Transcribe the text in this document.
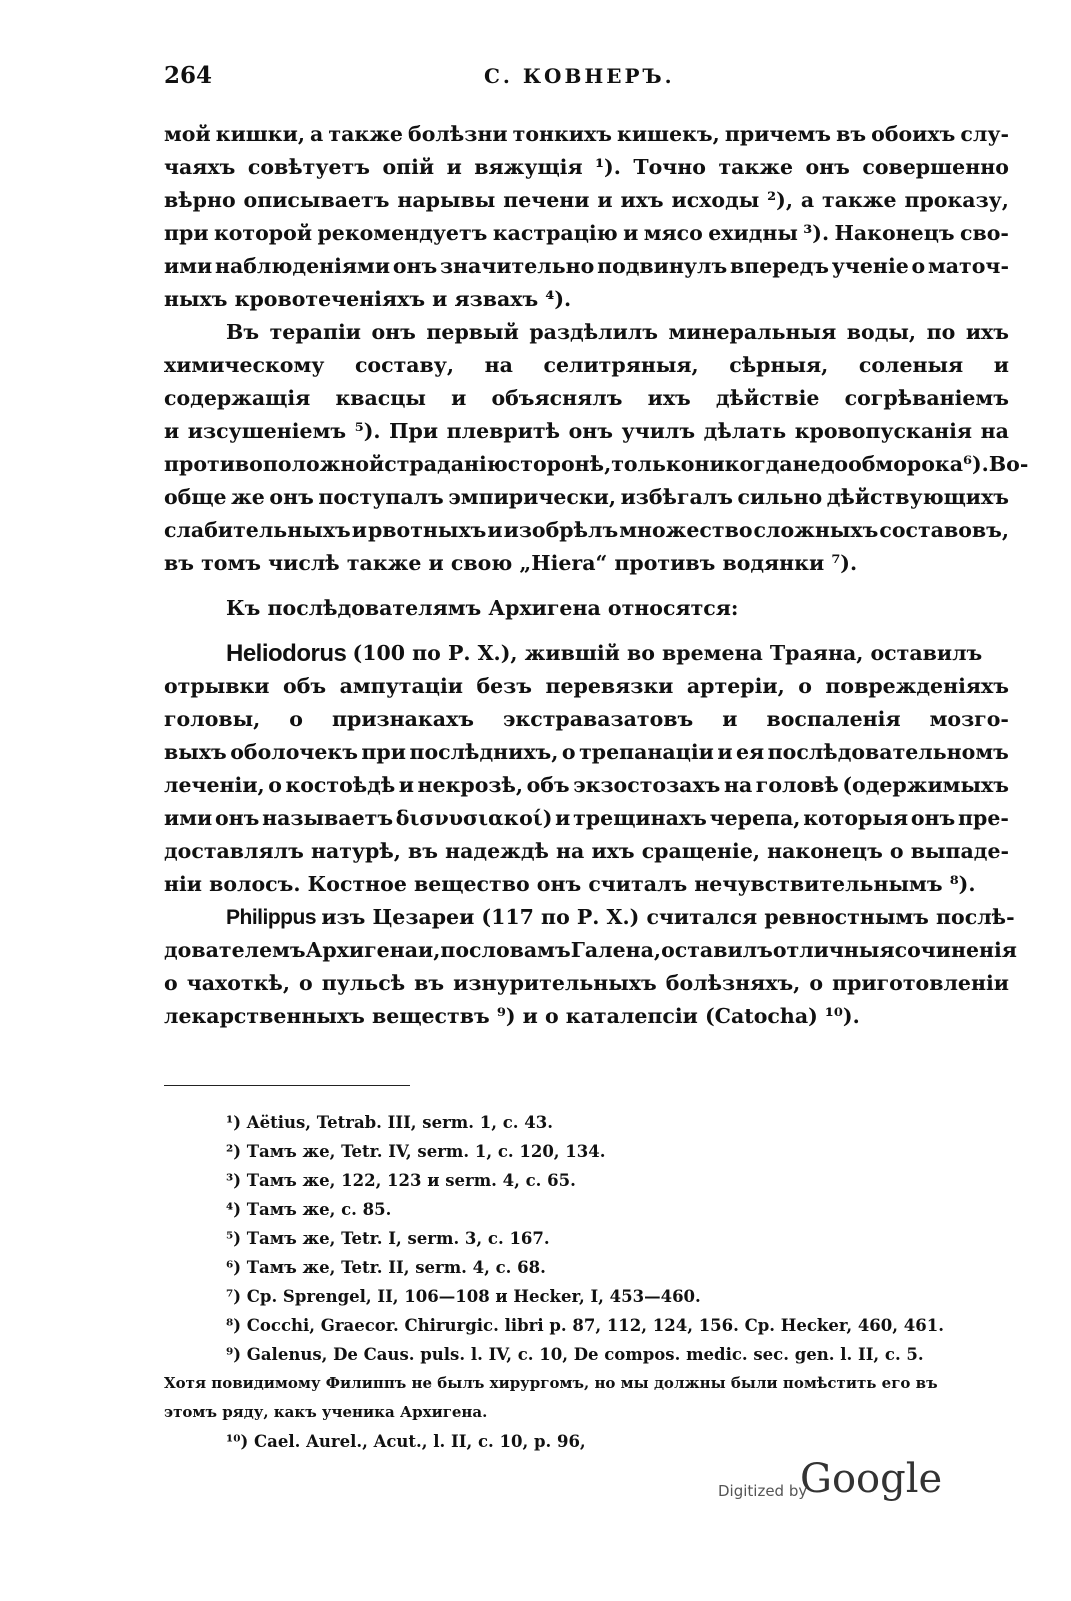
264	С. КОВНЕРЪ.
мой кишки, а также болѣзни тонкихъ кишекъ, причемъ въ обоихъ слу-
чаяхъ совѣтуетъ опій и вяжущія ¹). Точно также онъ совершенно
вѣрно описываетъ нарывы печени и ихъ исходы ²), а также проказу,
при которой рекомендуетъ кастрацію и мясо ехидны ³). Наконецъ сво-
ими наблюденіями онъ значительно подвинулъ впередъ ученіе о маточ-
ныхъ кровотеченіяхъ и язвахъ ⁴).
Въ терапіи онъ первый раздѣлилъ минеральныя воды, по ихъ
химическому составу, на селитряныя, сѣрныя, соленыя и
содержащія квасцы и объяснялъ ихъ дѣйствіе согрѣваніемъ
и изсушеніемъ ⁵). При плевритѣ онъ училъ дѣлать кровопусканія на
противоположной страданію сторонѣ, только никогда не до обморока ⁶). Во-
обще же онъ поступалъ эмпирически, избѣгалъ сильно дѣйствующихъ
слабительныхъ и рвотныхъ и изобрѣлъ множество сложныхъ составовъ,
въ томъ числѣ также и свою „Hiera“ противъ водянки ⁷).
Къ послѣдователямъ Архигена относятся:
Heliodorus (100 по Р. Х.), жившій во времена Траяна, оставилъ
отрывки объ ампутаціи безъ перевязки артеріи, о поврежденіяхъ
головы, о признакахъ экстравазатовъ и воспаленія мозго-
выхъ оболочекъ при послѣднихъ, о трепанаціи и ея послѣдовательномъ
леченіи, о костоѣдѣ и некрозѣ, объ экзостозахъ на головѣ (одержимыхъ
ими онъ называетъ δισνυσιακοί) и трещинахъ черепа, которыя онъ пре-
доставлялъ натурѣ, въ надеждѣ на ихъ сращеніе, наконецъ о выпаде-
ніи волосъ. Костное вещество онъ считалъ нечувствительнымъ ⁸).
Philippus изъ Цезареи (117 по Р. Х.) считался ревностнымъ послѣ-
дователемъ Архигена и, по словамъ Галена, оставилъ отличныя сочиненія
о чахоткѣ, о пульсѣ въ изнурительныхъ болѣзняхъ, о приготовленіи
лекарственныхъ веществъ ⁹) и о каталепсіи (Catocha) ¹⁰).
¹) Aëtius, Tetrab. III, serm. 1, c. 43.
²) Тамъ же, Tetr. IV, serm. 1, c. 120, 134.
³) Тамъ же, 122, 123 и serm. 4, c. 65.
⁴) Тамъ же, c. 85.
⁵) Тамъ же, Tetr. I, serm. 3, c. 167.
⁶) Тамъ же, Tetr. II, serm. 4, c. 68.
⁷) Cp. Sprengel, II, 106—108 и Hecker, I, 453—460.
⁸) Cocchi, Graecor. Chirurgic. libri p. 87, 112, 124, 156. Cp. Hecker, 460, 461.
⁹) Galenus, De Caus. puls. l. IV, c. 10, De compos. medic. sec. gen. l. II, c. 5.
Хотя повидимому Филиппъ не былъ хирургомъ, но мы должны были помѣстить его въ
этомъ ряду, какъ ученика Архигена.
¹⁰) Cael. Aurel., Acut., l. II, c. 10, p. 96,
Digitized by
Google
